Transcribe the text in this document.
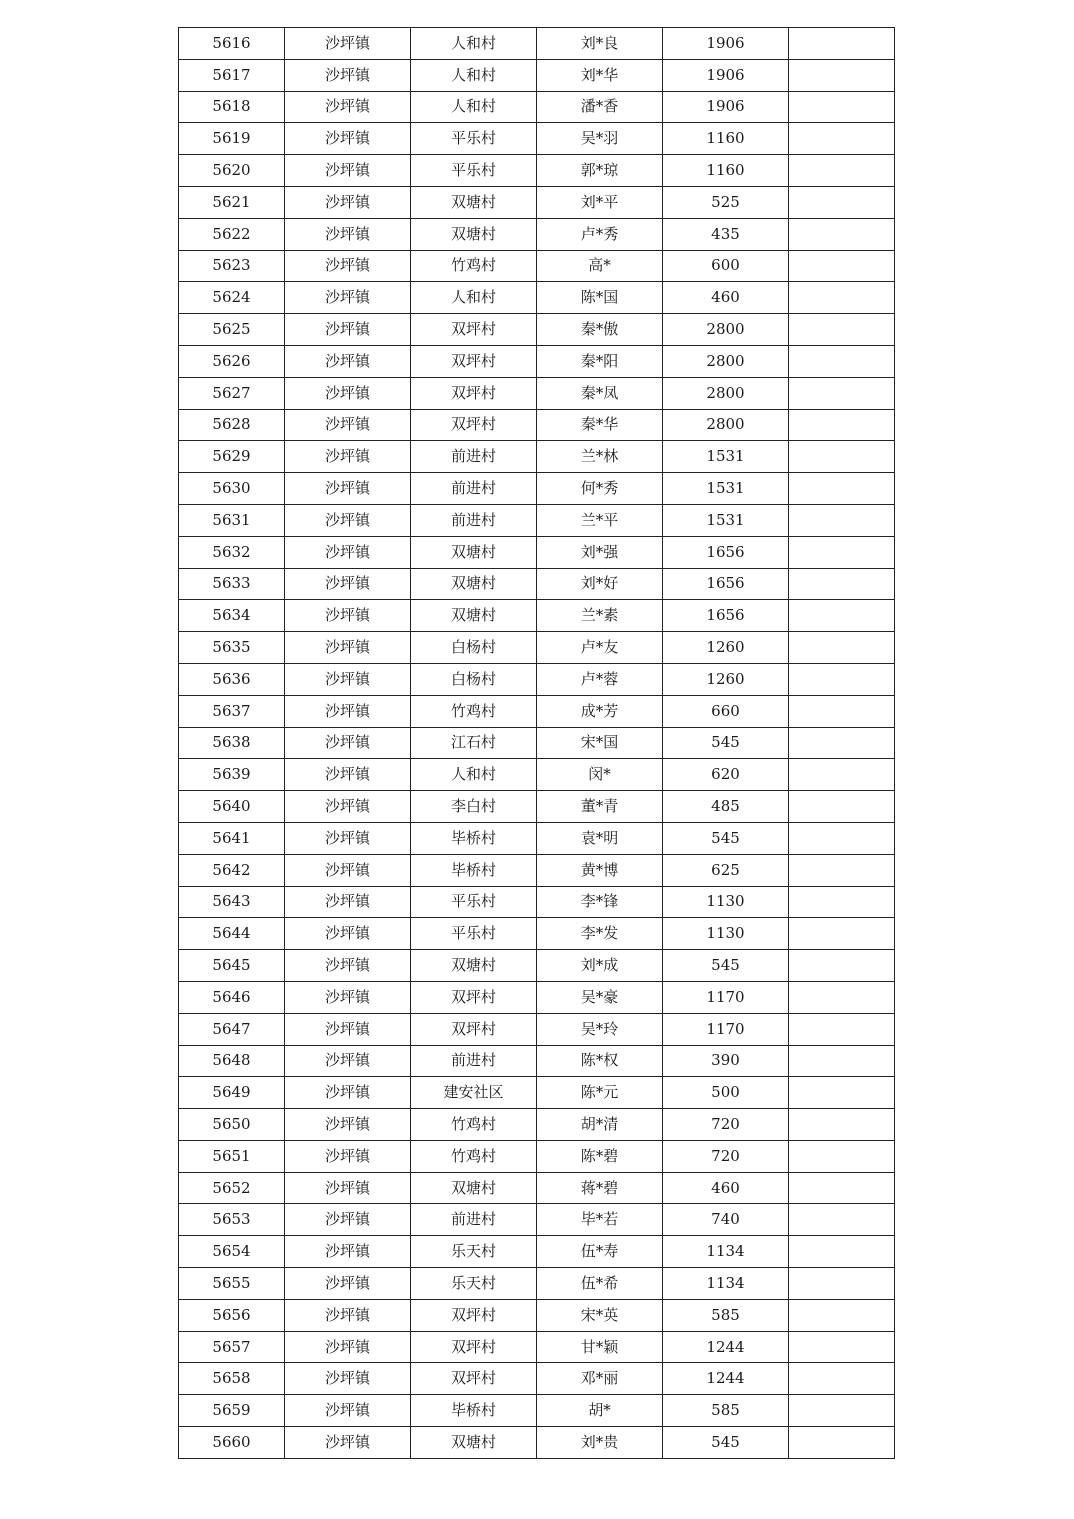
5616	沙坪镇	人和村	刘*良	1906	
5617	沙坪镇	人和村	刘*华	1906	
5618	沙坪镇	人和村	潘*香	1906	
5619	沙坪镇	平乐村	吴*羽	1160	
5620	沙坪镇	平乐村	郭*琼	1160	
5621	沙坪镇	双塘村	刘*平	525	
5622	沙坪镇	双塘村	卢*秀	435	
5623	沙坪镇	竹鸡村	高*	600	
5624	沙坪镇	人和村	陈*国	460	
5625	沙坪镇	双坪村	秦*傲	2800	
5626	沙坪镇	双坪村	秦*阳	2800	
5627	沙坪镇	双坪村	秦*凤	2800	
5628	沙坪镇	双坪村	秦*华	2800	
5629	沙坪镇	前进村	兰*林	1531	
5630	沙坪镇	前进村	何*秀	1531	
5631	沙坪镇	前进村	兰*平	1531	
5632	沙坪镇	双塘村	刘*强	1656	
5633	沙坪镇	双塘村	刘*好	1656	
5634	沙坪镇	双塘村	兰*素	1656	
5635	沙坪镇	白杨村	卢*友	1260	
5636	沙坪镇	白杨村	卢*蓉	1260	
5637	沙坪镇	竹鸡村	成*芳	660	
5638	沙坪镇	江石村	宋*国	545	
5639	沙坪镇	人和村	闵*	620	
5640	沙坪镇	李白村	董*青	485	
5641	沙坪镇	毕桥村	袁*明	545	
5642	沙坪镇	毕桥村	黄*博	625	
5643	沙坪镇	平乐村	李*锋	1130	
5644	沙坪镇	平乐村	李*发	1130	
5645	沙坪镇	双塘村	刘*成	545	
5646	沙坪镇	双坪村	吴*豪	1170	
5647	沙坪镇	双坪村	吴*玲	1170	
5648	沙坪镇	前进村	陈*权	390	
5649	沙坪镇	建安社区	陈*元	500	
5650	沙坪镇	竹鸡村	胡*清	720	
5651	沙坪镇	竹鸡村	陈*碧	720	
5652	沙坪镇	双塘村	蒋*碧	460	
5653	沙坪镇	前进村	毕*若	740	
5654	沙坪镇	乐天村	伍*寿	1134	
5655	沙坪镇	乐天村	伍*希	1134	
5656	沙坪镇	双坪村	宋*英	585	
5657	沙坪镇	双坪村	甘*颖	1244	
5658	沙坪镇	双坪村	邓*丽	1244	
5659	沙坪镇	毕桥村	胡*	585	
5660	沙坪镇	双塘村	刘*贵	545	
